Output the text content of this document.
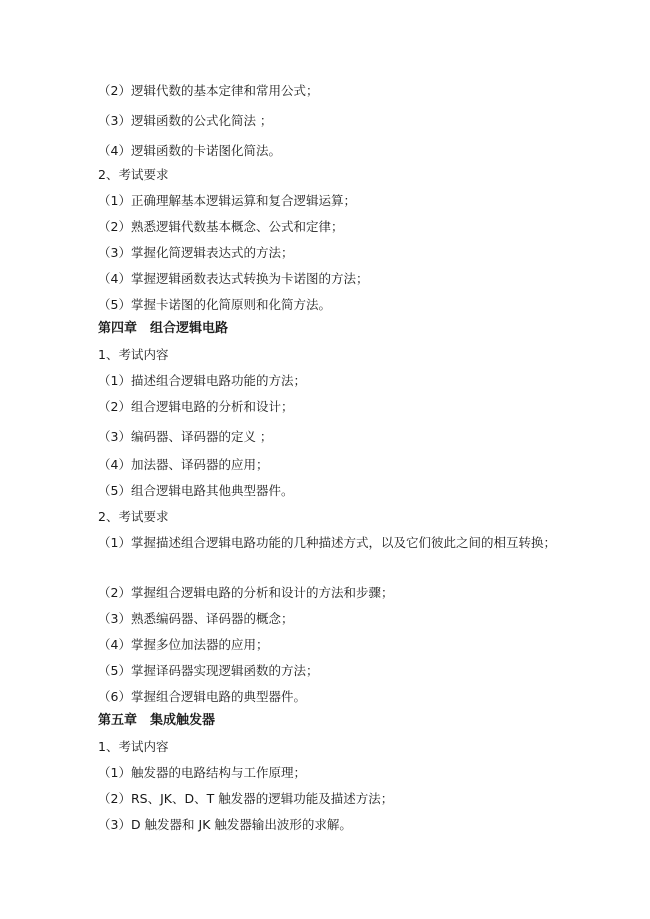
（2）逻辑代数的基本定律和常用公式；
（3）逻辑函数的公式化简法 ；
（4）逻辑函数的卡诺图化简法。
2、考试要求
（1）正确理解基本逻辑运算和复合逻辑运算；
（2）熟悉逻辑代数基本概念、公式和定律；
（3）掌握化简逻辑表达式的方法；
（4）掌握逻辑函数表达式转换为卡诺图的方法；
（5）掌握卡诺图的化简原则和化简方法。
第四章　组合逻辑电路
1、考试内容
（1）描述组合逻辑电路功能的方法；
（2）组合逻辑电路的分析和设计；
（3）编码器、译码器的定义 ；
（4）加法器、译码器的应用；
（5）组合逻辑电路其他典型器件。
2、考试要求
（1）掌握描述组合逻辑电路功能的几种描述方式，以及它们彼此之间的相互转换；
（2）掌握组合逻辑电路的分析和设计的方法和步骤；
（3）熟悉编码器、译码器的概念；
（4）掌握多位加法器的应用；
（5）掌握译码器实现逻辑函数的方法；
（6）掌握组合逻辑电路的典型器件。
第五章　集成触发器
1、考试内容
（1）触发器的电路结构与工作原理；
（2）RS、JK、D、T 触发器的逻辑功能及描述方法；
（3）D 触发器和 JK 触发器输出波形的求解。
